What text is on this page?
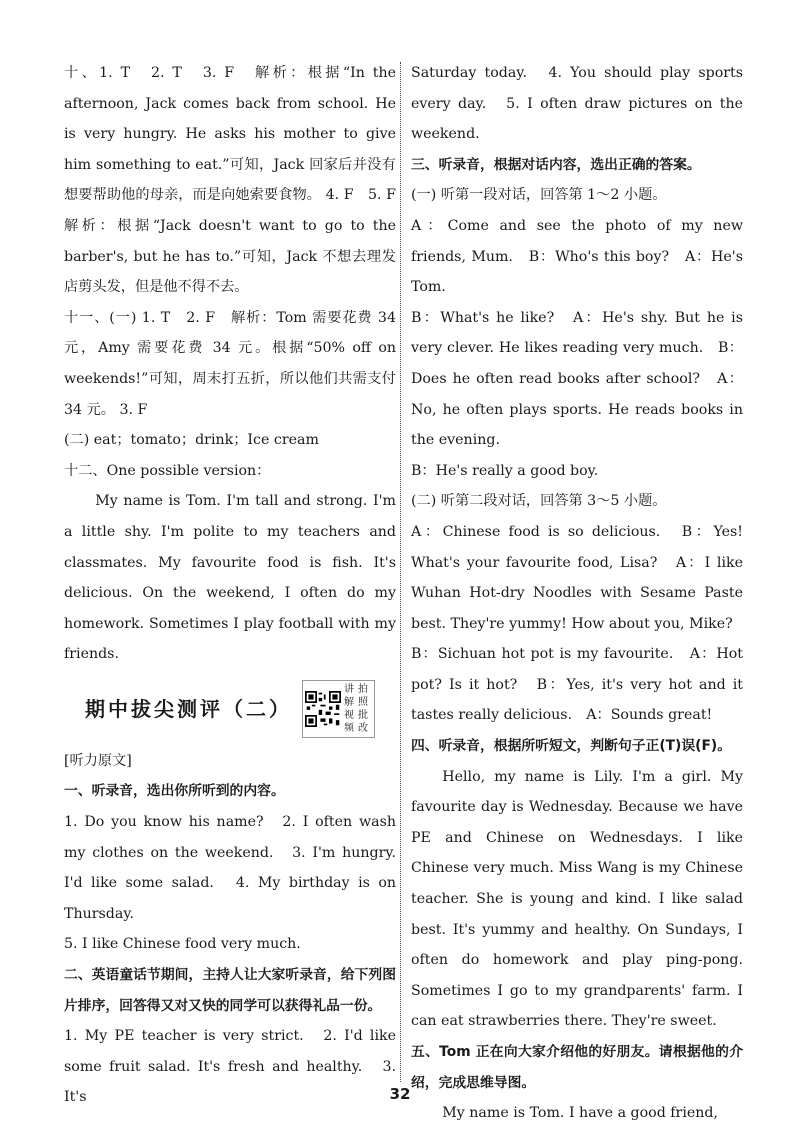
十、1. T　2. T　3. F　解析：根据“In the afternoon, Jack comes back from school. He is very hungry. He asks his mother to give him something to eat.”可知，Jack 回家后并没有想要帮助他的母亲，而是向她索要食物。 4. F　5. F　解析：根据“Jack doesn't want to go to the barber's, but he has to.”可知，Jack 不想去理发店剪头发，但是他不得不去。

十一、(一) 1. T　2. F　解析：Tom 需要花费 34 元，Amy 需要花费 34 元。根据“50% off on weekends!”可知，周末打五折，所以他们共需支付 34 元。 3. F

(二) eat；tomato；drink；Ice cream

十二、One possible version：

My name is Tom. I'm tall and strong. I'm a little shy. I'm polite to my teachers and classmates. My favourite food is fish. It's delicious. On the weekend, I often do my homework. Sometimes I play football with my friends.

期中拔尖测评（二）
讲 拍
解 照
视 批
频 改

[听力原文]

一、听录音，选出你所听到的内容。

1. Do you know his name?　2. I often wash my clothes on the weekend.　3. I'm hungry. I'd like some salad.　4. My birthday is on Thursday.

5. I like Chinese food very much.

二、英语童话节期间，主持人让大家听录音，给下列图片排序，回答得又对又快的同学可以获得礼品一份。

1. My PE teacher is very strict.　2. I'd like some fruit salad. It's fresh and healthy.　3. It's

Saturday today.　4. You should play sports every day.　5. I often draw pictures on the weekend.

三、听录音，根据对话内容，选出正确的答案。

(一) 听第一段对话，回答第 1～2 小题。

A：Come and see the photo of my new friends, Mum.　B：Who's this boy?　A：He's Tom.

B：What's he like?　A：He's shy. But he is very clever. He likes reading very much.　B：Does he often read books after school?　A：No, he often plays sports. He reads books in the evening.

B：He's really a good boy.

(二) 听第二段对话，回答第 3～5 小题。

A：Chinese food is so delicious.　B：Yes! What's your favourite food, Lisa?　A：I like Wuhan Hot-dry Noodles with Sesame Paste best. They're yummy! How about you, Mike?

B：Sichuan hot pot is my favourite.　A：Hot pot? Is it hot?　B：Yes, it's very hot and it tastes really delicious.　A：Sounds great!

四、听录音，根据所听短文，判断句子正(T)误(F)。

Hello, my name is Lily. I'm a girl. My favourite day is Wednesday. Because we have PE and Chinese on Wednesdays. I like Chinese very much. Miss Wang is my Chinese teacher. She is young and kind. I like salad best. It's yummy and healthy. On Sundays, I often do homework and play ping-pong. Sometimes I go to my grandparents' farm. I can eat strawberries there. They're sweet.

五、Tom 正在向大家介绍他的好朋友。请根据他的介绍，完成思维导图。

My name is Tom. I have a good friend,

32
